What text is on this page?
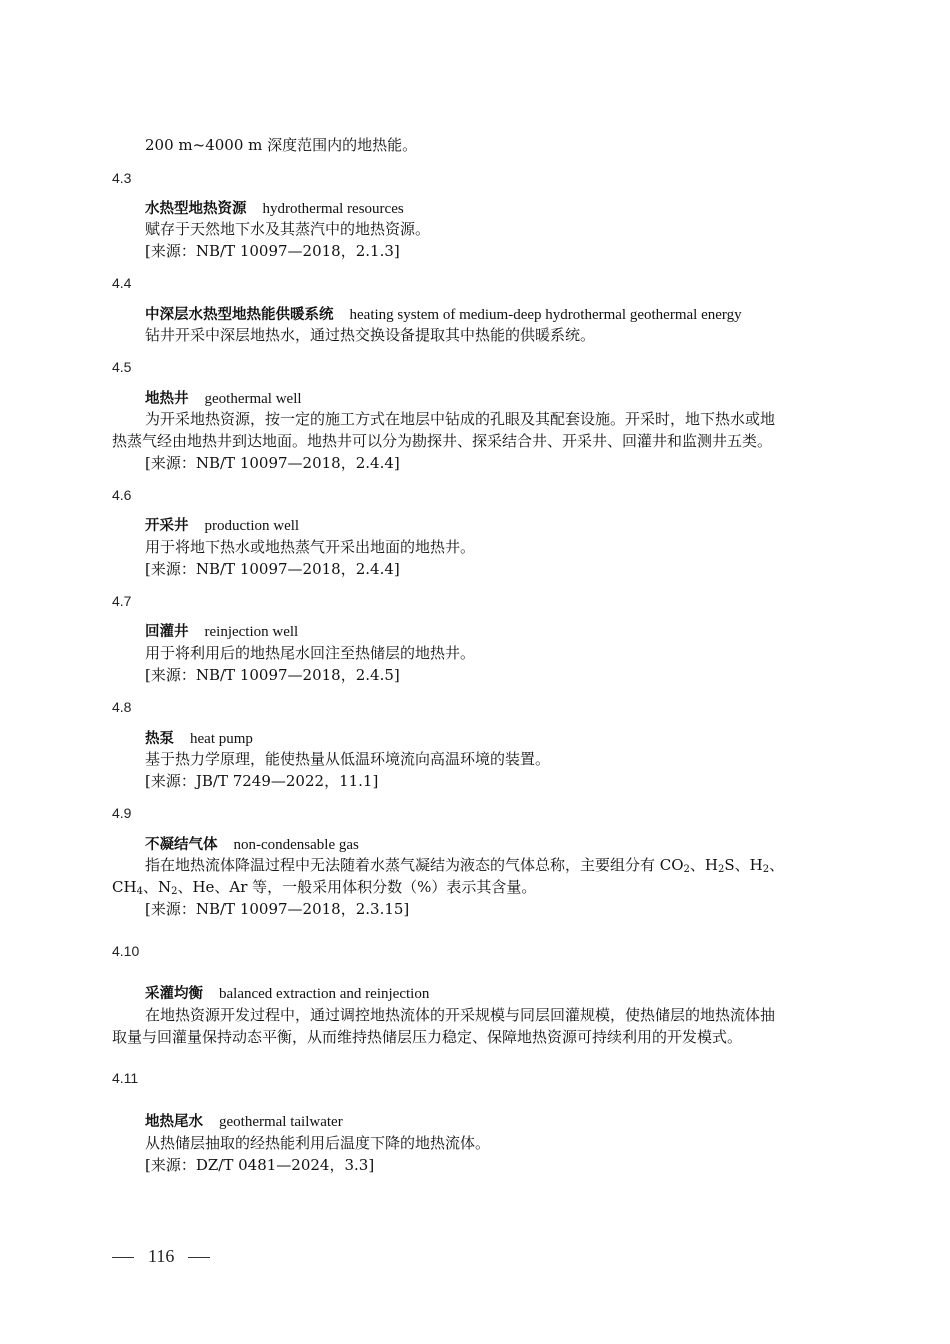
200 m~4000 m 深度范围内的地热能。
4.3
水热型地热资源 hydrothermal resources
赋存于天然地下水及其蒸汽中的地热资源。
[来源：NB/T 10097—2018，2.1.3]
4.4
中深层水热型地热能供暖系统 heating system of medium-deep hydrothermal geothermal energy
钻井开采中深层地热水，通过热交换设备提取其中热能的供暖系统。
4.5
地热井 geothermal well
为开采地热资源，按一定的施工方式在地层中钻成的孔眼及其配套设施。开采时，地下热水或地
热蒸气经由地热井到达地面。地热井可以分为勘探井、探采结合井、开采井、回灌井和监测井五类。
[来源：NB/T 10097—2018，2.4.4]
4.6
开采井 production well
用于将地下热水或地热蒸气开采出地面的地热井。
[来源：NB/T 10097—2018，2.4.4]
4.7
回灌井 reinjection well
用于将利用后的地热尾水回注至热储层的地热井。
[来源：NB/T 10097—2018，2.4.5]
4.8
热泵 heat pump
基于热力学原理，能使热量从低温环境流向高温环境的装置。
[来源：JB/T 7249—2022，11.1]
4.9
不凝结气体 non-condensable gas
指在地热流体降温过程中无法随着水蒸气凝结为液态的气体总称，主要组分有 $CO_2$、$H_2S$、$H_2$、
$CH_4$、$N_2$、He、Ar 等，一般采用体积分数（%）表示其含量。
[来源：NB/T 10097—2018，2.3.15]
4.10
采灌均衡 balanced extraction and reinjection
在地热资源开发过程中，通过调控地热流体的开采规模与同层回灌规模，使热储层的地热流体抽
取量与回灌量保持动态平衡，从而维持热储层压力稳定、保障地热资源可持续利用的开发模式。
4.11
地热尾水 geothermal tailwater
从热储层抽取的经热能利用后温度下降的地热流体。
[来源：DZ/T 0481—2024，3.3]
116
